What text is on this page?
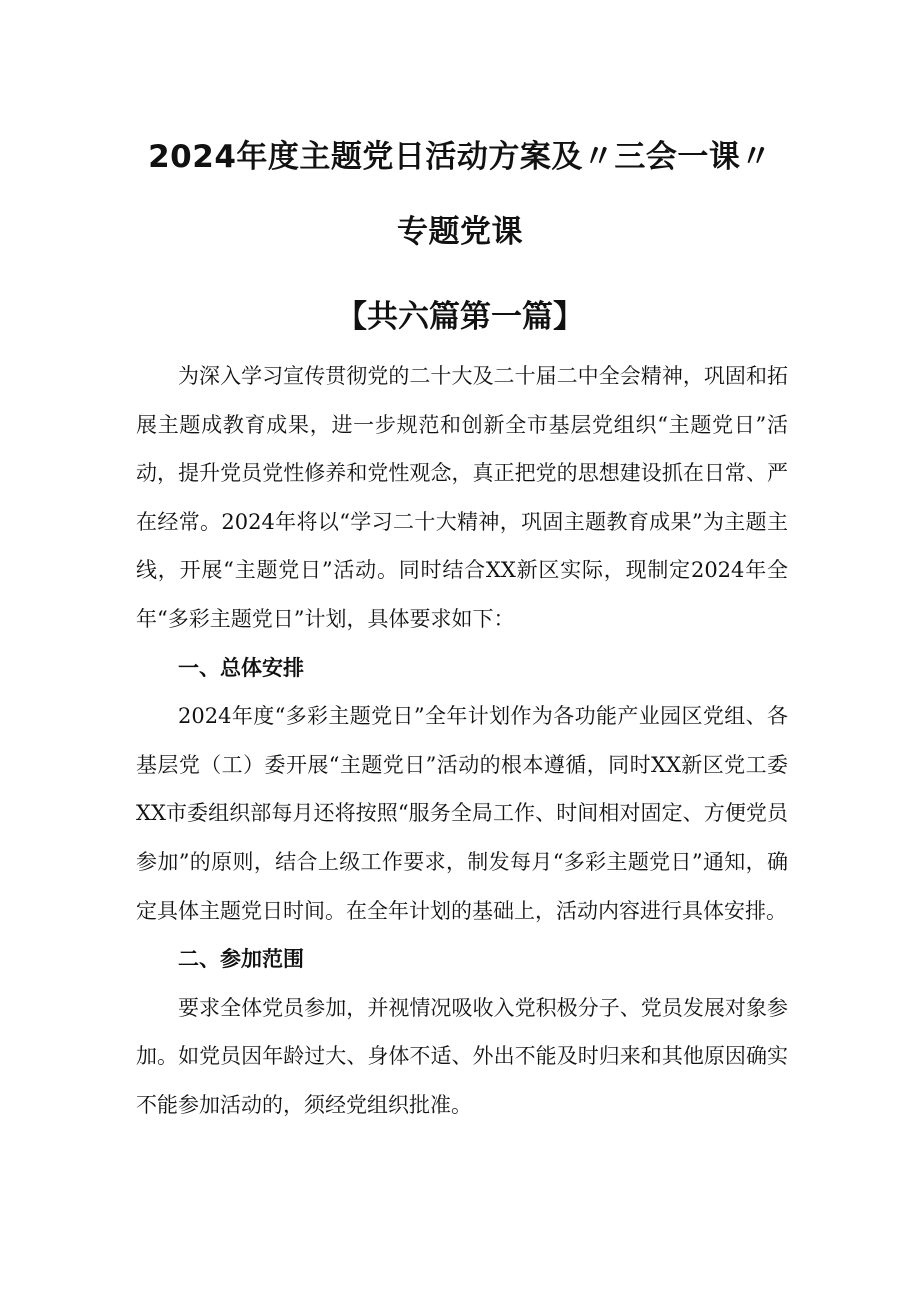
2024年度主题党日活动方案及〃三会一课〃
专题党课
【共六篇第一篇】

为深入学习宣传贯彻党的二十大及二十届二中全会精神，巩固和拓展主题成教育成果，进一步规范和创新全市基层党组织“主题党日”活动，提升党员党性修养和党性观念，真正把党的思想建设抓在日常、严在经常。2024年将以“学习二十大精神，巩固主题教育成果”为主题主线，开展“主题党日”活动。同时结合XX新区实际，现制定2024年全年“多彩主题党日”计划，具体要求如下：

一、总体安排

2024年度“多彩主题党日”全年计划作为各功能产业园区党组、各基层党（工）委开展“主题党日”活动的根本遵循，同时XX新区党工委XX市委组织部每月还将按照“服务全局工作、时间相对固定、方便党员参加”的原则，结合上级工作要求，制发每月“多彩主题党日”通知，确定具体主题党日时间。在全年计划的基础上，活动内容进行具体安排。

二、参加范围

要求全体党员参加，并视情况吸收入党积极分子、党员发展对象参加。如党员因年龄过大、身体不适、外出不能及时归来和其他原因确实不能参加活动的，须经党组织批准。
